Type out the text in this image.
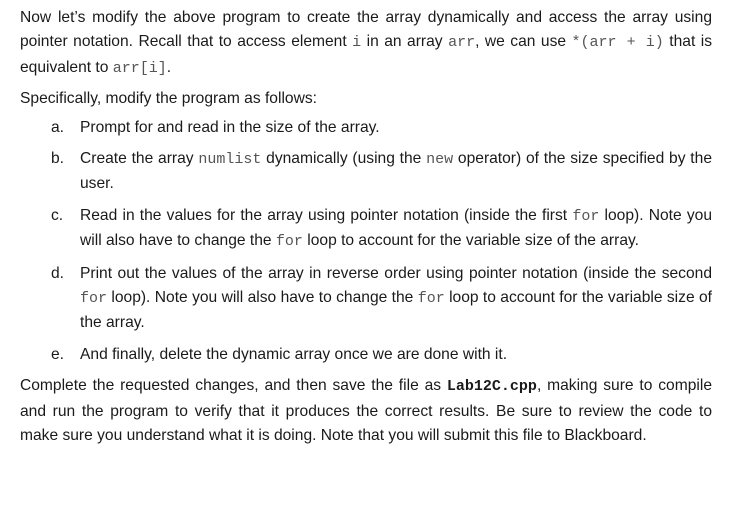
Now let’s modify the above program to create the array dynamically and access the array using pointer notation. Recall that to access element i in an array arr, we can use *(arr + i) that is equivalent to arr[i].

Specifically, modify the program as follows:

a. Prompt for and read in the size of the array.
b. Create the array numlist dynamically (using the new operator) of the size specified by the user.
c. Read in the values for the array using pointer notation (inside the first for loop). Note you will also have to change the for loop to account for the variable size of the array.
d. Print out the values of the array in reverse order using pointer notation (inside the second for loop). Note you will also have to change the for loop to account for the variable size of the array.
e. And finally, delete the dynamic array once we are done with it.

Complete the requested changes, and then save the file as Lab12C.cpp, making sure to compile and run the program to verify that it produces the correct results. Be sure to review the code to make sure you understand what it is doing. Note that you will submit this file to Blackboard.
